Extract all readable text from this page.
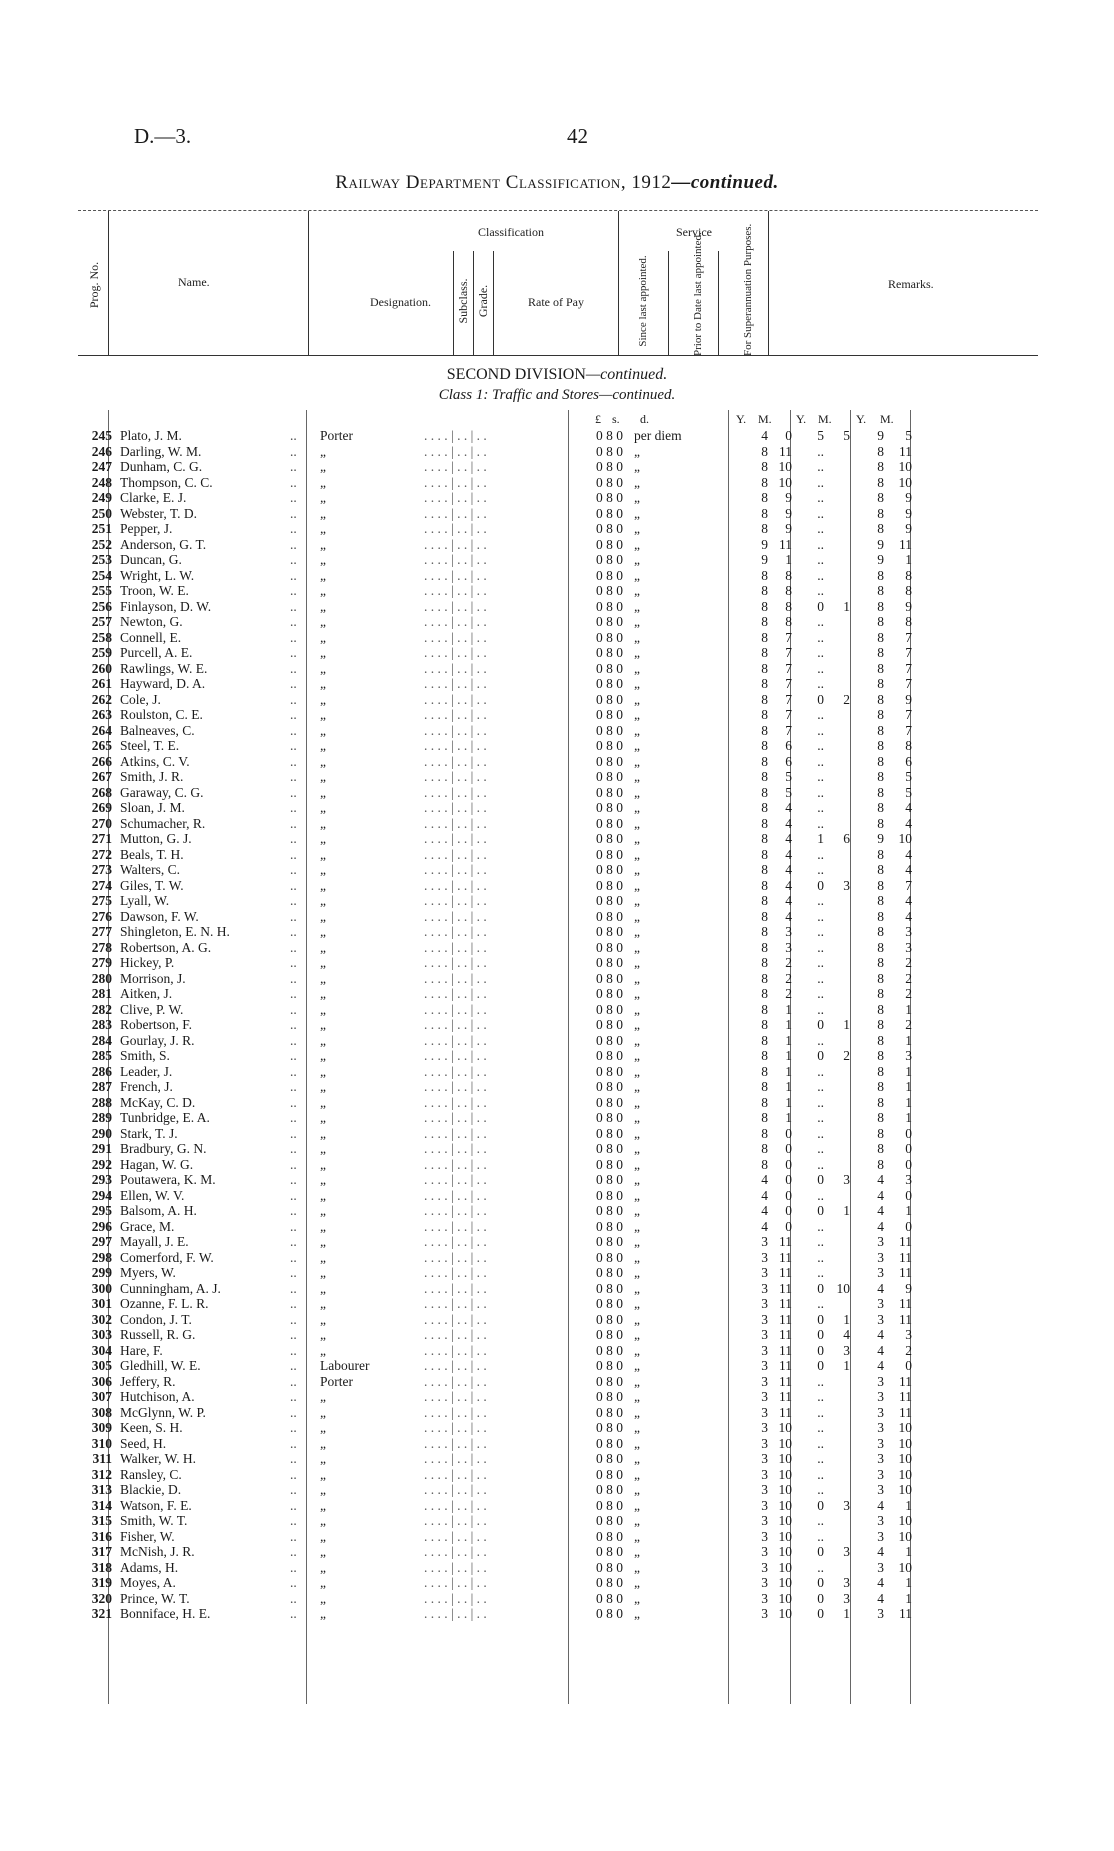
D.—3.	42
Railway Department Classification, 1912—continued.
Prog. No.	Name.
Classification
Designation. Subclass. Grade.	Rate of Pay
Service
Since last appointed.	Prior to Date last appointed.	For Superannuation Purposes.	Remarks.
SECOND DIVISION—continued.
Class 1: Traffic and Stores—continued.
£ s. d.	Y. M. Y. M. Y. M.
245 Plato, J. M.	.. Porter	. . . . | . . | . .	0 8 0 per diem	4	0	5	5	9	5
246 Darling, W. M.	.. „	. . . . | . . | . .	0 8 0 „	8 11	..	8	11
247 Dunham, C. G.	.. „	. . . . | . . | . .	0 8 0 „	8 10	..	8	10
248 Thompson, C. C.	.. „	. . . . | . . | . .	0 8 0 „	8 10	..	8	10
249 Clarke, E. J.	.. „	. . . . | . . | . .	0 8 0 „	8	9	..	8	9
250 Webster, T. D.	.. „	. . . . | . . | . .	0 8 0 „	8	9	..	8	9
251 Pepper, J.	.. „	. . . . | . . | . .	0 8 0 „	8	9	..	8	9
252 Anderson, G. T.	.. „	. . . . | . . | . .	0 8 0 „	9 11	..	9	11
253 Duncan, G.	.. „	. . . . | . . | . .	0 8 0 „	9	1	..	9	1
254 Wright, L. W.	.. „	. . . . | . . | . .	0 8 0 „	8	8	..	8	8
255 Troon, W. E.	.. „	. . . . | . . | . .	0 8 0 „	8	8	..	8	8
256 Finlayson, D. W.	.. „	. . . . | . . | . .	0 8 0 „	8	8	0	1	8	9
257 Newton, G.	.. „	. . . . | . . | . .	0 8 0 „	8	8	..	8	8
258 Connell, E.	.. „	. . . . | . . | . .	0 8 0 „	8	7	..	8	7
259 Purcell, A. E.	.. „	. . . . | . . | . .	0 8 0 „	8	7	..	8	7
260 Rawlings, W. E.	.. „	. . . . | . . | . .	0 8 0 „	8	7	..	8	7
261 Hayward, D. A.	.. „	. . . . | . . | . .	0 8 0 „	8	7	..	8	7
262 Cole, J.	.. „	. . . . | . . | . .	0 8 0 „	8	7	0	2	8	9
263 Roulston, C. E.	.. „	. . . . | . . | . .	0 8 0 „	8	7	..	8	7
264 Balneaves, C.	.. „	. . . . | . . | . .	0 8 0 „	8	7	..	8	7
265 Steel, T. E.	.. „	. . . . | . . | . .	0 8 0 „	8	6	..	8	8
266 Atkins, C. V.	.. „	. . . . | . . | . .	0 8 0 „	8	6	..	8	6
267 Smith, J. R.	.. „	. . . . | . . | . .	0 8 0 „	8	5	..	8	5
268 Garaway, C. G.	.. „	. . . . | . . | . .	0 8 0 „	8	5	..	8	5
269 Sloan, J. M.	.. „	. . . . | . . | . .	0 8 0 „	8	4	..	8	4
270 Schumacher, R.	.. „	. . . . | . . | . .	0 8 0 „	8	4	..	8	4
271 Mutton, G. J.	.. „	. . . . | . . | . .	0 8 0 „	8	4	1	6	9	10
272 Beals, T. H.	.. „	. . . . | . . | . .	0 8 0 „	8	4	..	8	4
273 Walters, C.	.. „	. . . . | . . | . .	0 8 0 „	8	4	..	8	4
274 Giles, T. W.	.. „	. . . . | . . | . .	0 8 0 „	8	4	0	3	8	7
275 Lyall, W.	.. „	. . . . | . . | . .	0 8 0 „	8	4	..	8	4
276 Dawson, F. W.	.. „	. . . . | . . | . .	0 8 0 „	8	4	..	8	4
277 Shingleton, E. N. H.	.. „	. . . . | . . | . .	0 8 0 „	8	3	..	8	3
278 Robertson, A. G.	.. „	. . . . | . . | . .	0 8 0 „	8	3	..	8	3
279 Hickey, P.	.. „	. . . . | . . | . .	0 8 0 „	8	2	..	8	2
280 Morrison, J.	.. „	. . . . | . . | . .	0 8 0 „	8	2	..	8	2
281 Aitken, J.	.. „	. . . . | . . | . .	0 8 0 „	8	2	..	8	2
282 Clive, P. W.	.. „	. . . . | . . | . .	0 8 0 „	8	1	..	8	1
283 Robertson, F.	.. „	. . . . | . . | . .	0 8 0 „	8	1	0	1	8	2
284 Gourlay, J. R.	.. „	. . . . | . . | . .	0 8 0 „	8	1	..	8	1
285 Smith, S.	.. „	. . . . | . . | . .	0 8 0 „	8	1	0	2	8	3
286 Leader, J.	.. „	. . . . | . . | . .	0 8 0 „	8	1	..	8	1
287 French, J.	.. „	. . . . | . . | . .	0 8 0 „	8	1	..	8	1
288 McKay, C. D.	.. „	. . . . | . . | . .	0 8 0 „	8	1	..	8	1
289 Tunbridge, E. A.	.. „	. . . . | . . | . .	0 8 0 „	8	1	..	8	1
290 Stark, T. J.	.. „	. . . . | . . | . .	0 8 0 „	8	0	..	8	0
291 Bradbury, G. N.	.. „	. . . . | . . | . .	0 8 0 „	8	0	..	8	0
292 Hagan, W. G.	.. „	. . . . | . . | . .	0 8 0 „	8	0	..	8	0
293 Poutawera, K. M.	.. „	. . . . | . . | . .	0 8 0 „	4	0	0	3	4	3
294 Ellen, W. V.	.. „	. . . . | . . | . .	0 8 0 „	4	0	..	4	0
295 Balsom, A. H.	.. „	. . . . | . . | . .	0 8 0 „	4	0	0	1	4	1
296 Grace, M.	.. „	. . . . | . . | . .	0 8 0 „	4	0	..	4	0
297 Mayall, J. E.	.. „	. . . . | . . | . .	0 8 0 „	3 11	..	3	11
298 Comerford, F. W.	.. „	. . . . | . . | . .	0 8 0 „	3 11	..	3	11
299 Myers, W.	.. „	. . . . | . . | . .	0 8 0 „	3 11	..	3	11
300 Cunningham, A. J.	.. „	. . . . | . . | . .	0 8 0 „	3 11	0 10	4	9
301 Ozanne, F. L. R.	.. „	. . . . | . . | . .	0 8 0 „	3 11	..	3	11
302 Condon, J. T.	.. „	. . . . | . . | . .	0 8 0 „	3 11	0	1	3	11
303 Russell, R. G.	.. „	. . . . | . . | . .	0 8 0 „	3 11	0	4	4	3
304 Hare, F.	.. „	. . . . | . . | . .	0 8 0 „	3 11	0	3	4	2
305 Gledhill, W. E.	.. Labourer	. . . . | . . | . .	0 8 0 „	3 11	0	1	4	0
306 Jeffery, R.	.. Porter	. . . . | . . | . .	0 8 0 „	3 11	..	3	11
307 Hutchison, A.	.. „	. . . . | . . | . .	0 8 0 „	3 11	..	3	11
308 McGlynn, W. P.	.. „	. . . . | . . | . .	0 8 0 „	3 11	..	3	11
309 Keen, S. H.	.. „	. . . . | . . | . .	0 8 0 „	3 10	..	3	10
310 Seed, H.	.. „	. . . . | . . | . .	0 8 0 „	3 10	..	3	10
311 Walker, W. H.	.. „	. . . . | . . | . .	0 8 0 „	3 10	..	3	10
312 Ransley, C.	.. „	. . . . | . . | . .	0 8 0 „	3 10	..	3	10
313 Blackie, D.	.. „	. . . . | . . | . .	0 8 0 „	3 10	..	3	10
314 Watson, F. E.	.. „	. . . . | . . | . .	0 8 0 „	3 10	0	3	4	1
315 Smith, W. T.	.. „	. . . . | . . | . .	0 8 0 „	3 10	..	3	10
316 Fisher, W.	.. „	. . . . | . . | . .	0 8 0 „	3 10	..	3	10
317 McNish, J. R.	.. „	. . . . | . . | . .	0 8 0 „	3 10	0	3	4	1
318 Adams, H.	.. „	. . . . | . . | . .	0 8 0 „	3 10	..	3	10
319 Moyes, A.	.. „	. . . . | . . | . .	0 8 0 „	3 10	0	3	4	1
320 Prince, W. T.	.. „	. . . . | . . | . .	0 8 0 „	3 10	0	3	4	1
321 Bonniface, H. E.	.. „	. . . . | . . | . .	0 8 0 „	3 10	0	1	3	11
